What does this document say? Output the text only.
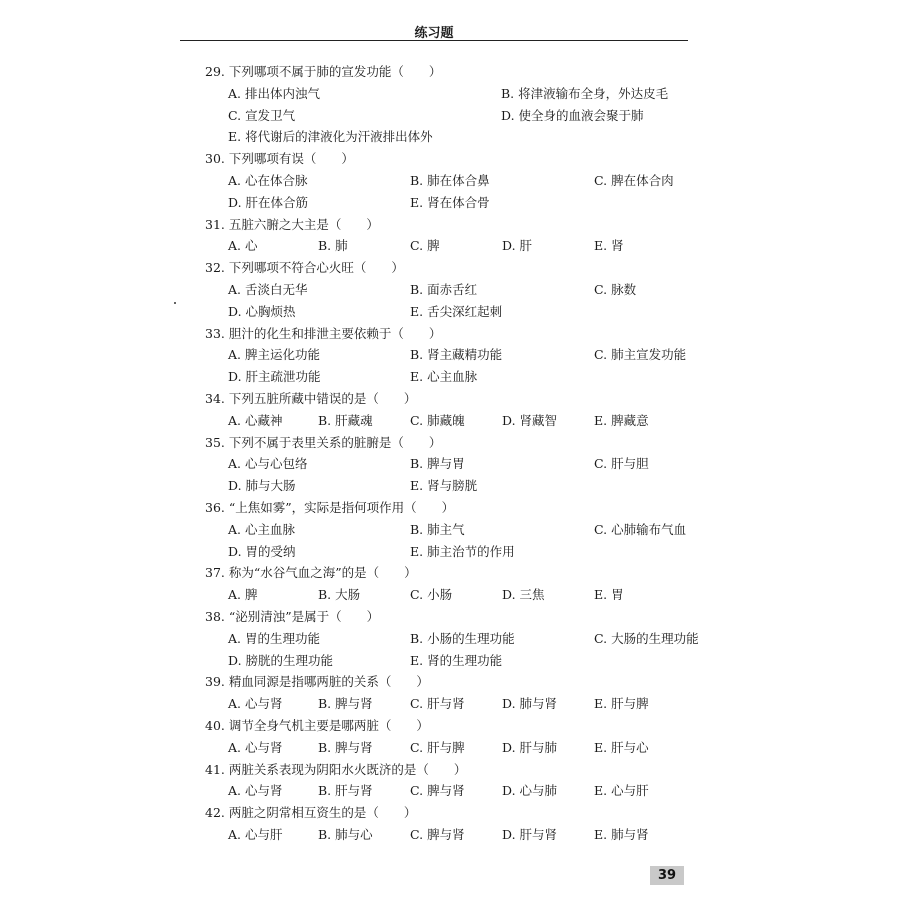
练习题
29. 下列哪项不属于肺的宣发功能（　　）
A. 排出体内浊气	B. 将津液输布全身，外达皮毛
C. 宣发卫气	D. 使全身的血液会聚于肺
E. 将代谢后的津液化为汗液排出体外
30. 下列哪项有误（　　）
A. 心在体合脉	B. 肺在体合鼻	C. 脾在体合肉
D. 肝在体合筋	E. 肾在体合骨
31. 五脏六腑之大主是（　　）
A. 心	B. 肺	C. 脾	D. 肝	E. 肾
32. 下列哪项不符合心火旺（　　）
A. 舌淡白无华	B. 面赤舌红	C. 脉数
D. 心胸烦热	E. 舌尖深红起刺
33. 胆汁的化生和排泄主要依赖于（　　）
A. 脾主运化功能	B. 肾主藏精功能	C. 肺主宣发功能
D. 肝主疏泄功能	E. 心主血脉
34. 下列五脏所藏中错误的是（　　）
A. 心藏神	B. 肝藏魂	C. 肺藏魄	D. 肾藏智	E. 脾藏意
35. 下列不属于表里关系的脏腑是（　　）
A. 心与心包络	B. 脾与胃	C. 肝与胆
D. 肺与大肠	E. 肾与膀胱
36. “上焦如雾”，实际是指何项作用（　　）
A. 心主血脉	B. 肺主气	C. 心肺输布气血
D. 胃的受纳	E. 肺主治节的作用
37. 称为“水谷气血之海”的是（　　）
A. 脾	B. 大肠	C. 小肠	D. 三焦	E. 胃
38. “泌别清浊”是属于（　　）
A. 胃的生理功能	B. 小肠的生理功能	C. 大肠的生理功能
D. 膀胱的生理功能	E. 肾的生理功能
39. 精血同源是指哪两脏的关系（　　）
A. 心与肾	B. 脾与肾	C. 肝与肾	D. 肺与肾	E. 肝与脾
40. 调节全身气机主要是哪两脏（　　）
A. 心与肾	B. 脾与肾	C. 肝与脾	D. 肝与肺	E. 肝与心
41. 两脏关系表现为阴阳水火既济的是（　　）
A. 心与肾	B. 肝与肾	C. 脾与肾	D. 心与肺	E. 心与肝
42. 两脏之阴常相互资生的是（　　）
A. 心与肝	B. 肺与心	C. 脾与肾	D. 肝与肾	E. 肺与肾
39
